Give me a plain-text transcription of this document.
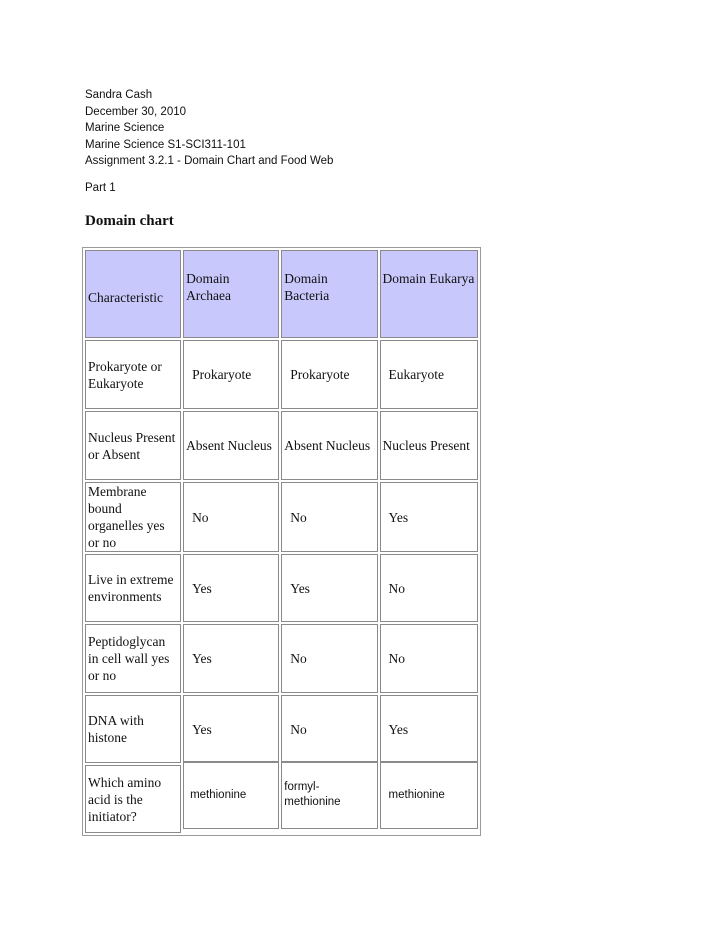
Sandra Cash
December 30, 2010
Marine Science
Marine Science S1-SCI311-101
Assignment 3.2.1 - Domain Chart and Food Web
Part 1
Domain chart
Characteristic	Domain Archaea	Domain Bacteria	Domain Eukarya
Prokaryote or Eukaryote	Prokaryote	Prokaryote	Eukaryote
Nucleus Present or Absent	Absent Nucleus	Absent Nucleus	Nucleus Present
Membrane bound organelles yes or no	No	No	Yes
Live in extreme environments	Yes	Yes	No
Peptidoglycan in cell wall yes or no	Yes	No	No
DNA with histone	Yes	No	Yes
Which amino acid is the initiator?	methionine	formyl-methionine	methionine
